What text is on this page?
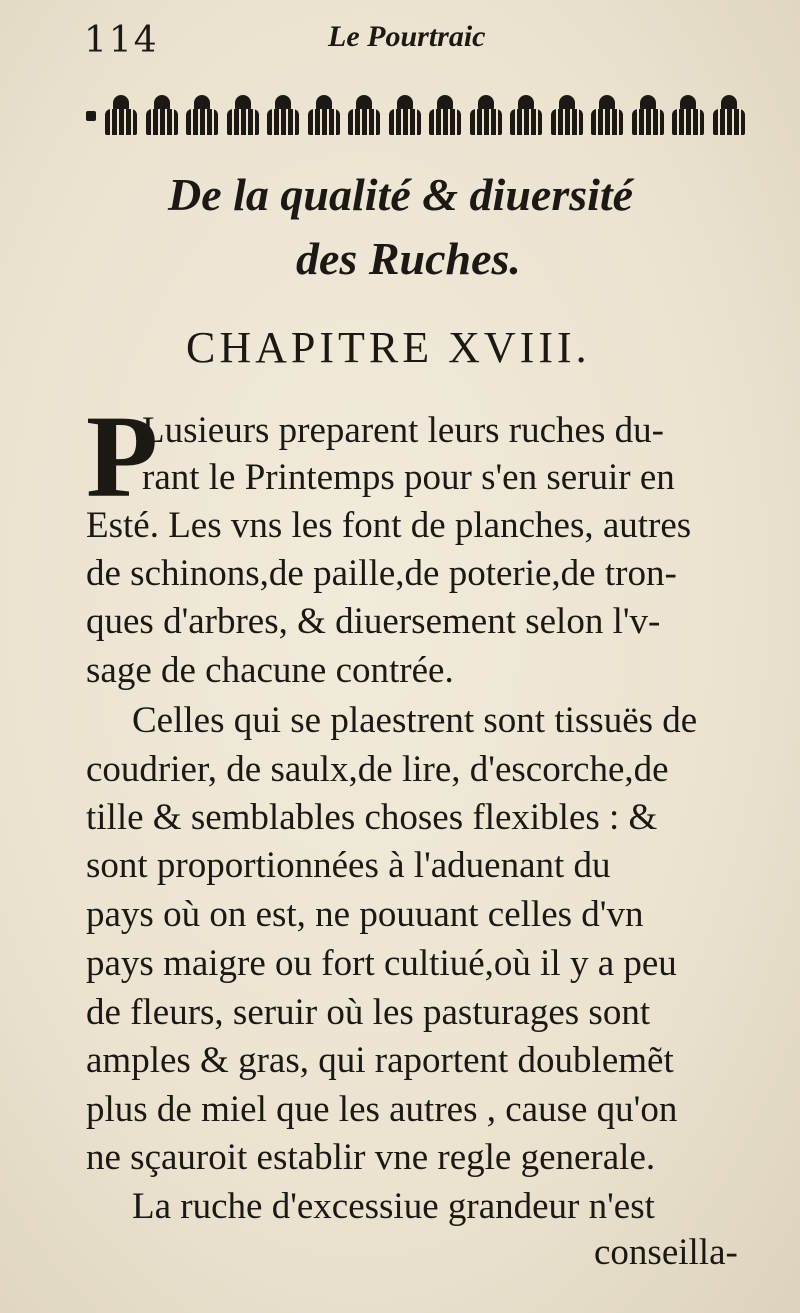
114	Le Pourtraic
De la qualité & diuersité
des Ruches.
CHAPITRE XVIII.
P
Lusieurs preparent leurs ruches du-
rant le Printemps pour s'en seruir en
Esté. Les vns les font de planches, autres
de schinons,de paille,de poterie,de tron-
ques d'arbres, & diuersement selon l'v-
sage de chacune contrée.
Celles qui se plaestrent sont tissuës de
coudrier, de saulx,de lire, d'escorche,de
tille & semblables choses flexibles : &
sont proportionnées à l'aduenant du
pays où on est, ne pouuant celles d'vn
pays maigre ou fort cultiué,où il y a peu
de fleurs, seruir où les pasturages sont
amples & gras, qui raportent doublemẽt
plus de miel que les autres , cause qu'on
ne sçauroit establir vne regle generale.
La ruche d'excessiue grandeur n'est
conseilla-
